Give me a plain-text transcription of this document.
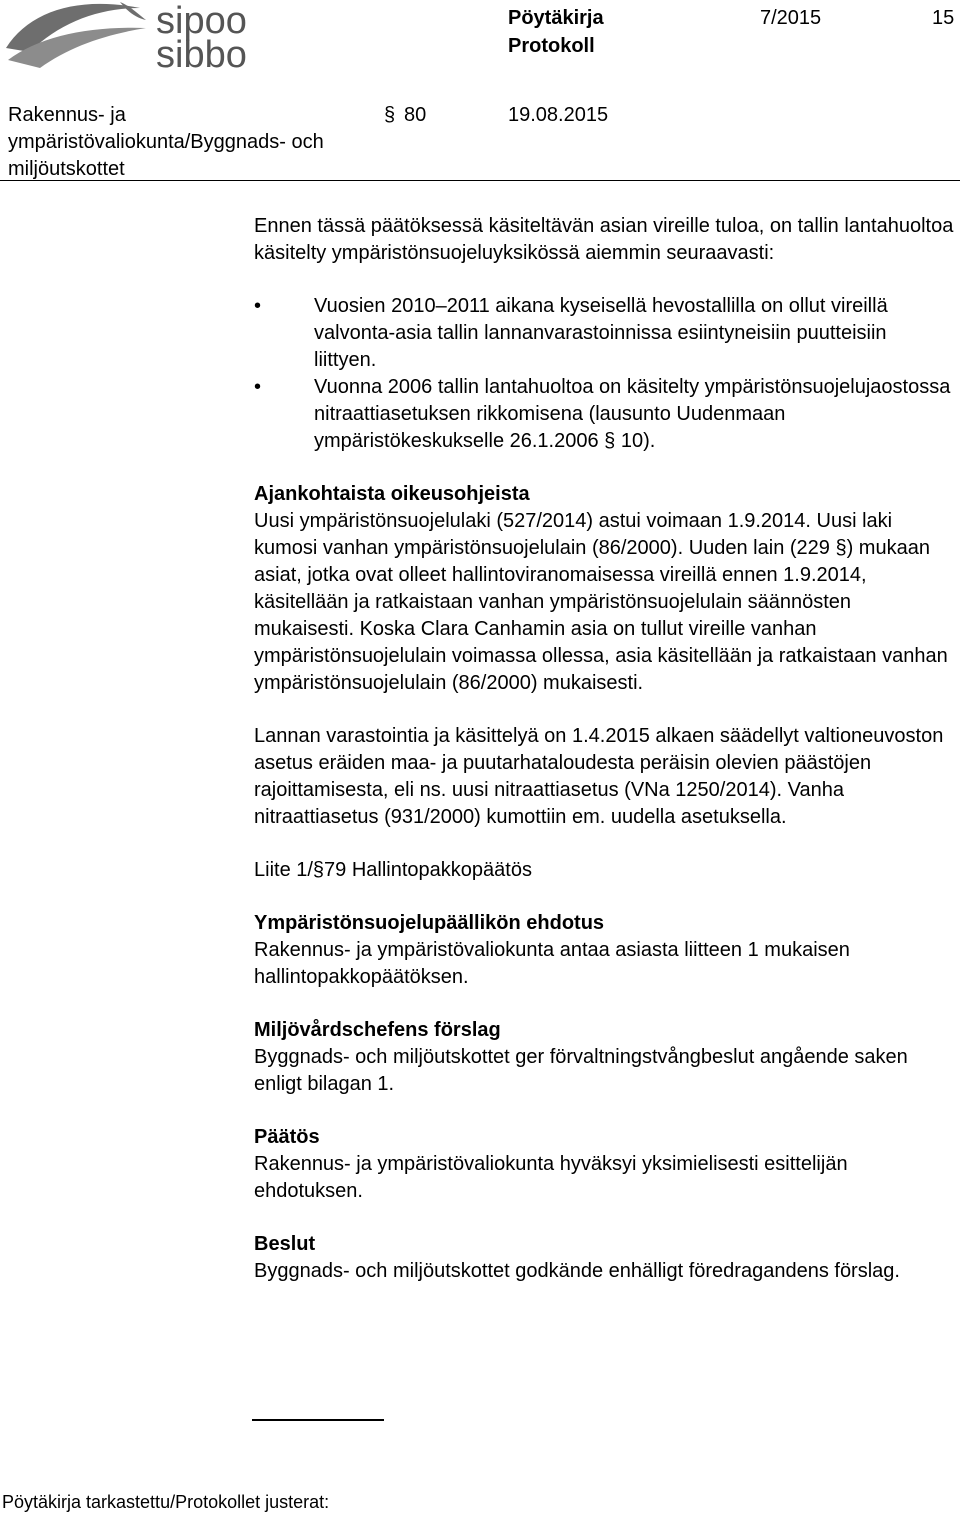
sipoo
sibbo
Pöytäkirja
Protokoll
7/2015	15
Rakennus- ja
ympäristövaliokunta/Byggnads- och
miljöutskottet
§ 80	19.08.2015

Ennen tässä päätöksessä käsiteltävän asian vireille tuloa, on tallin lantahuoltoa käsitelty ympäristönsuojeluyksikössä aiemmin seuraavasti:

• Vuosien 2010–2011 aikana kyseisellä hevostallilla on ollut vireillä valvonta-asia tallin lannanvarastoinnissa esiintyneisiin puutteisiin liittyen.
• Vuonna 2006 tallin lantahuoltoa on käsitelty ympäristönsuojelujaostossa nitraattiasetuksen rikkomisena (lausunto Uudenmaan ympäristökeskukselle 26.1.2006 § 10).

Ajankohtaista oikeusohjeista

Uusi ympäristönsuojelulaki (527/2014) astui voimaan 1.9.2014. Uusi laki kumosi vanhan ympäristönsuojelulain (86/2000). Uuden lain (229 §) mukaan asiat, jotka ovat olleet hallintoviranomaisessa vireillä ennen 1.9.2014, käsitellään ja ratkaistaan vanhan ympäristönsuojelulain säännösten mukaisesti. Koska Clara Canhamin asia on tullut vireille vanhan ympäristönsuojelulain voimassa ollessa, asia käsitellään ja ratkaistaan vanhan ympäristönsuojelulain (86/2000) mukaisesti.

Lannan varastointia ja käsittelyä on 1.4.2015 alkaen säädellyt valtioneuvoston asetus eräiden maa- ja puutarhataloudesta peräisin olevien päästöjen rajoittamisesta, eli ns. uusi nitraattiasetus (VNa 1250/2014). Vanha nitraattiasetus (931/2000) kumottiin em. uudella asetuksella.

Liite 1/§79 Hallintopakkopäätös

Ympäristönsuojelupäällikön ehdotus

Rakennus- ja ympäristövaliokunta antaa asiasta liitteen 1 mukaisen hallintopakkopäätöksen.

Miljövårdschefens förslag

Byggnads- och miljöutskottet ger förvaltningstvångbeslut angående saken enligt bilagan 1.

Päätös

Rakennus- ja ympäristövaliokunta hyväksyi yksimielisesti esittelijän ehdotuksen.

Beslut

Byggnads- och miljöutskottet godkände enhälligt föredragandens förslag.

Pöytäkirja tarkastettu/Protokollet justerat:
